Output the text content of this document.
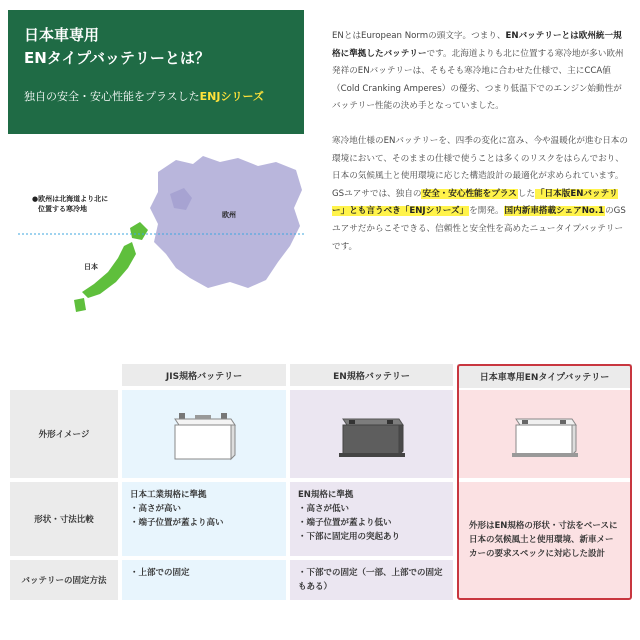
日本車専用
ENタイプバッテリーとは？
独自の安全・安心性能をプラスしたENJシリーズ
●欧州は北海道より北に
位置する寒冷地
欧州
日本

ENとはEuropean Normの頭文字。つまり、ENバッテリーとは欧州統一規格に準拠したバッテリーです。北海道よりも北に位置する寒冷地が多い欧州発祥のENバッテリーは、そもそも寒冷地に合わせた仕様で、主にCCA値（Cold Cranking Amperes）の優劣、つまり低温下でのエンジン始動性がバッテリー性能の決め手となっていました。

寒冷地仕様のENバッテリーを、四季の変化に富み、今や温暖化が進む日本の環境において、そのままの仕様で使うことは多くのリスクをはらんでおり、日本の気候風土と使用環境に応じた構造設計の最適化が求められています。
GSユアサでは、独自の安全・安心性能をプラスした「日本版ENバッテリー」とも言うべき「ENJシリーズ」を開発。国内新車搭載シェアNo.1のGSユアサだからこそできる、信頼性と安全性を高めたニュータイプバッテリーです。

JIS規格バッテリー	EN規格バッテリー	日本車専用ENタイプバッテリー
外形イメージ
形状・寸法比較
バッテリーの固定方法
日本工業規格に準拠
・高さが高い
・端子位置が蓋より高い
・上部での固定
EN規格に準拠
・高さが低い
・端子位置が蓋より低い
・下部に固定用の突起あり
・下部での固定（一部、上部での固定もある）
外形はEN規格の形状・寸法をベースに日本の気候風土と使用環境、新車メーカーの要求スペックに対応した設計
